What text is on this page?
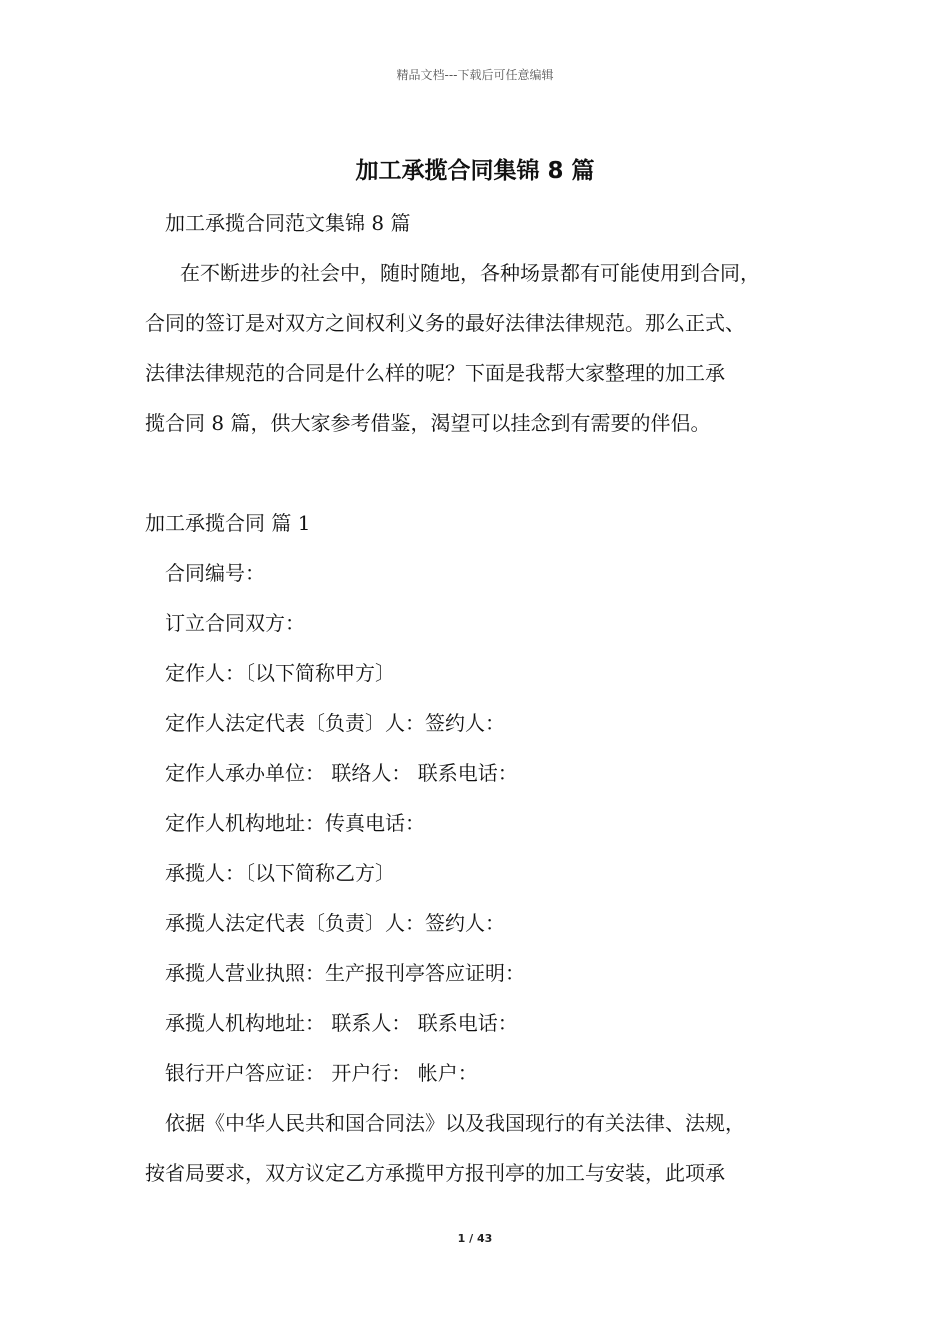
精品文档---下载后可任意编辑
加工承揽合同集锦 8 篇
加工承揽合同范文集锦 8 篇
在不断进步的社会中，随时随地，各种场景都有可能使用到合同，
合同的签订是对双方之间权利义务的最好法律法律规范。那么正式、
法律法律规范的合同是什么样的呢？下面是我帮大家整理的加工承
揽合同 8 篇，供大家参考借鉴，渴望可以挂念到有需要的伴侣。
加工承揽合同 篇 1
合同编号：
订立合同双方：
定作人：〔以下简称甲方〕
定作人法定代表〔负责〕人：签约人：
定作人承办单位： 联络人： 联系电话：
定作人机构地址：传真电话：
承揽人：〔以下简称乙方〕
承揽人法定代表〔负责〕人：签约人：
承揽人营业执照：生产报刊亭答应证明：
承揽人机构地址： 联系人： 联系电话：
银行开户答应证： 开户行： 帐户：
依据《中华人民共和国合同法》以及我国现行的有关法律、法规，
按省局要求，双方议定乙方承揽甲方报刊亭的加工与安装，此项承
1 / 43
